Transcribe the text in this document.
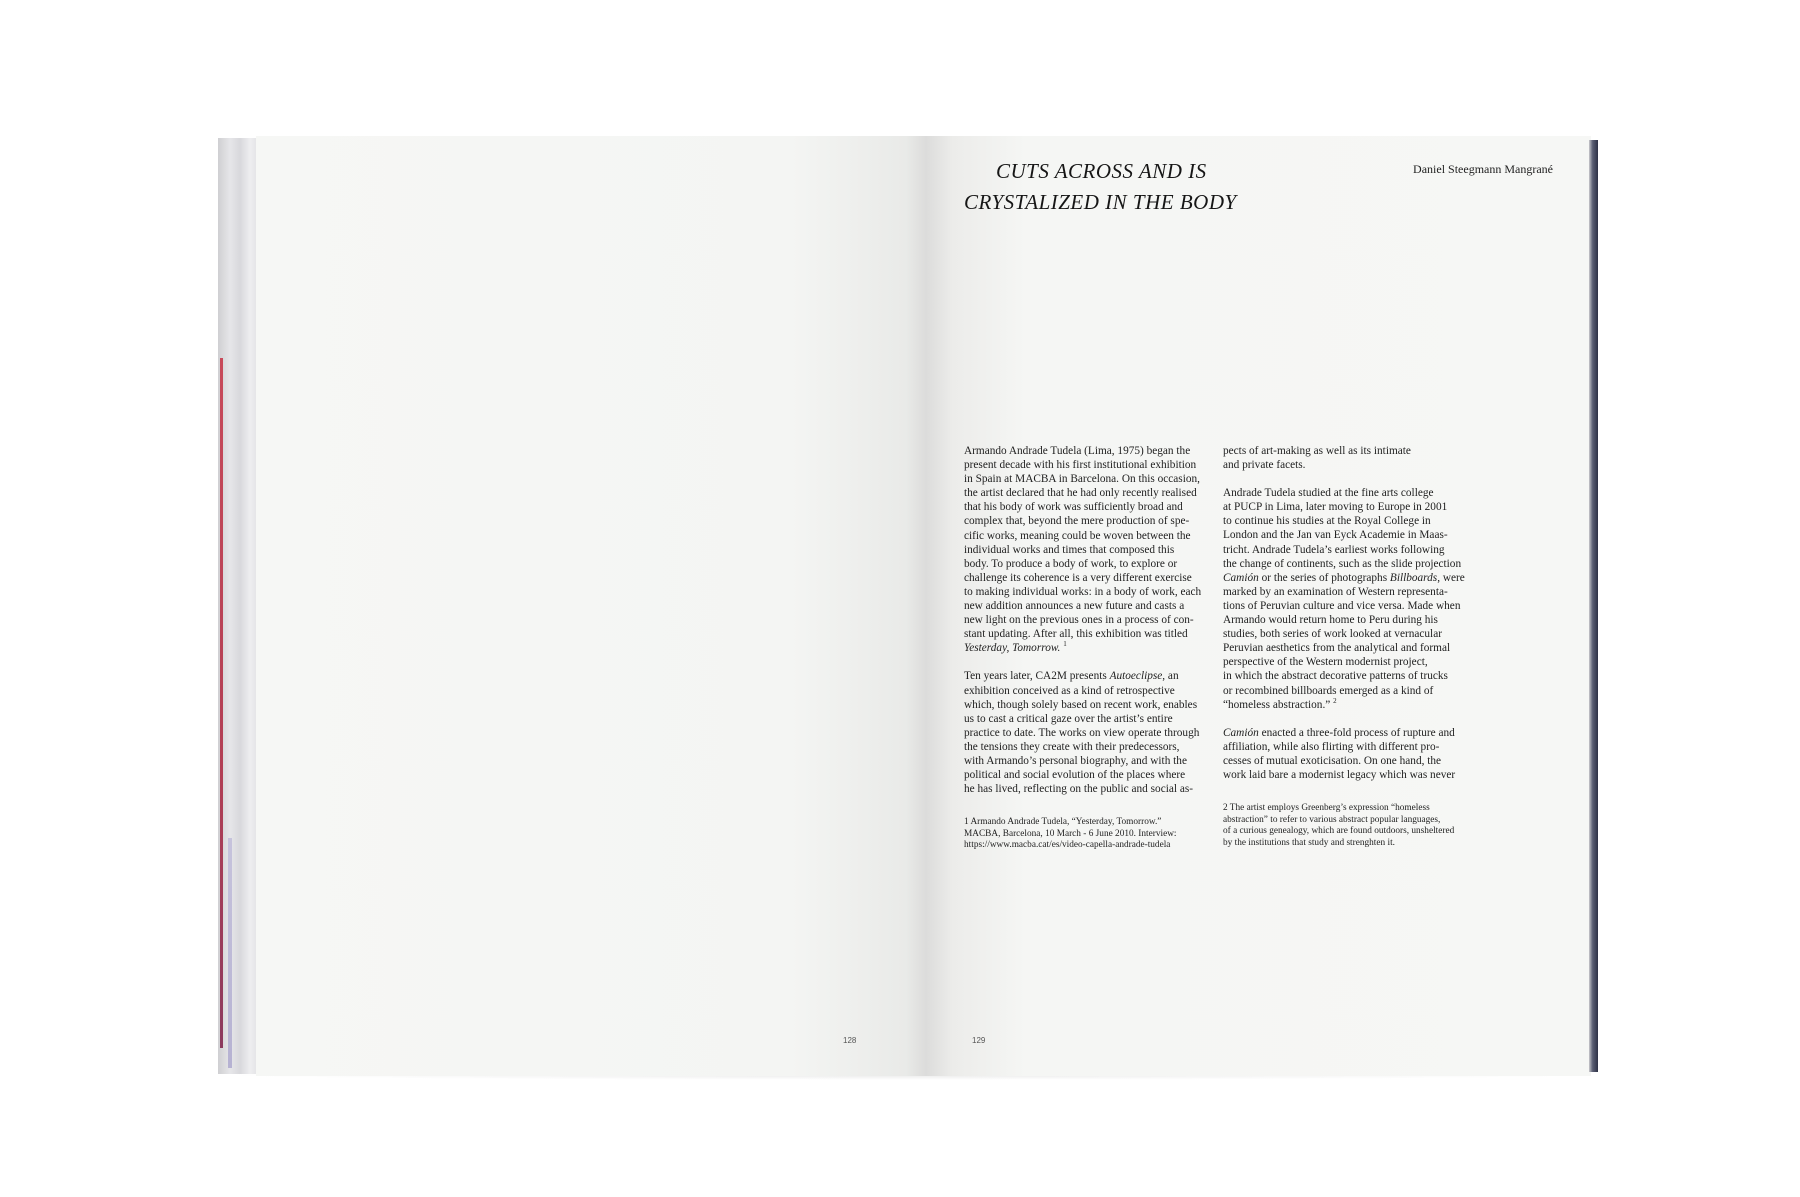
128	129
CUTS ACROSS AND IS
CRYSTALIZED IN THE BODY
Daniel Steegmann Mangrané

Armando Andrade Tudela (Lima, 1975) began the
present decade with his first institutional exhibition
in Spain at MACBA in Barcelona. On this occasion,
the artist declared that he had only recently realised
that his body of work was sufficiently broad and
complex that, beyond the mere production of spe-
cific works, meaning could be woven between the
individual works and times that composed this
body. To produce a body of work, to explore or
challenge its coherence is a very different exercise
to making individual works: in a body of work, each
new addition announces a new future and casts a
new light on the previous ones in a process of con-
stant updating. After all, this exhibition was titled
Yesterday, Tomorrow. $^1$

Ten years later, CA2M presents Autoeclipse, an
exhibition conceived as a kind of retrospective
which, though solely based on recent work, enables
us to cast a critical gaze over the artist’s entire
practice to date. The works on view operate through
the tensions they create with their predecessors,
with Armando’s personal biography, and with the
political and social evolution of the places where
he has lived, reflecting on the public and social as-

pects of art-making as well as its intimate
and private facets.

Andrade Tudela studied at the fine arts college
at PUCP in Lima, later moving to Europe in 2001
to continue his studies at the Royal College in
London and the Jan van Eyck Academie in Maas-
tricht. Andrade Tudela’s earliest works following
the change of continents, such as the slide projection
Camión or the series of photographs Billboards, were
marked by an examination of Western representa-
tions of Peruvian culture and vice versa. Made when
Armando would return home to Peru during his
studies, both series of work looked at vernacular
Peruvian aesthetics from the analytical and formal
perspective of the Western modernist project,
in which the abstract decorative patterns of trucks
or recombined billboards emerged as a kind of
“homeless abstraction.” $^2$

Camión enacted a three-fold process of rupture and
affiliation, while also flirting with different pro-
cesses of mutual exoticisation. On one hand, the
work laid bare a modernist legacy which was never

1 Armando Andrade Tudela, “Yesterday, Tomorrow.”
MACBA, Barcelona, 10 March - 6 June 2010. Interview:
https://www.macba.cat/es/video-capella-andrade-tudela
2 The artist employs Greenberg’s expression “homeless
abstraction” to refer to various abstract popular languages,
of a curious genealogy, which are found outdoors, unsheltered
by the institutions that study and strenghten it.
